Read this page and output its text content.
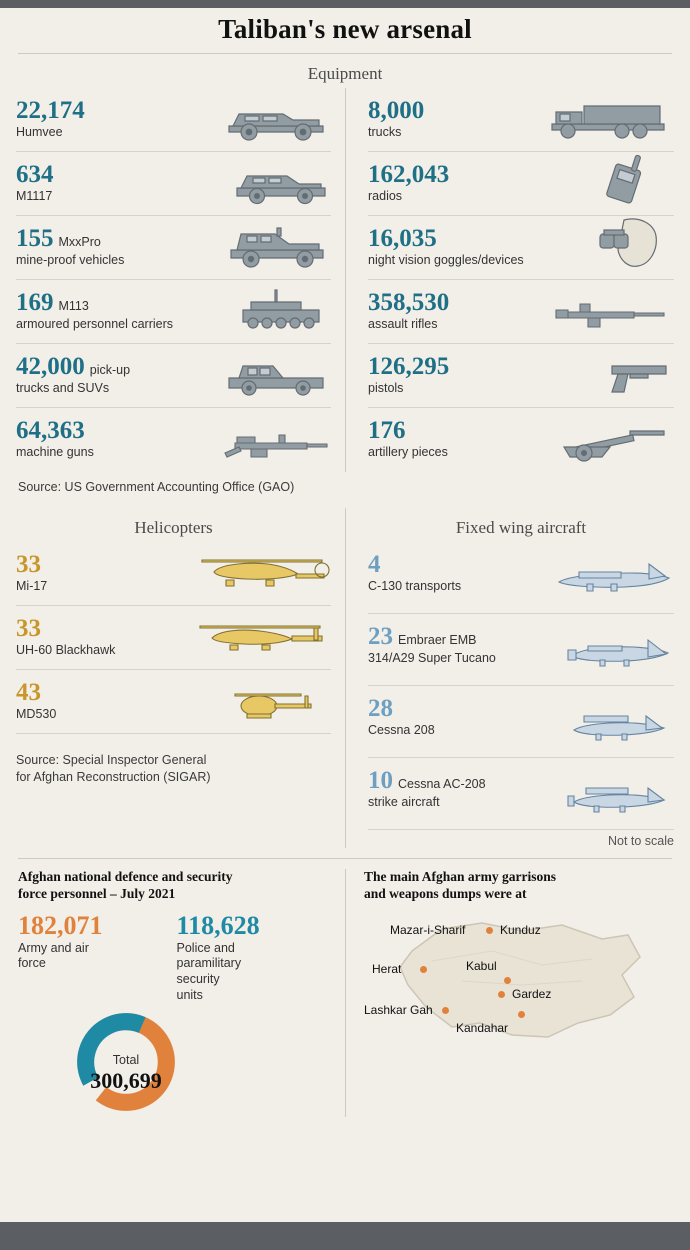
Taliban's new arsenal
Equipment
22,174
Humvee
634
M1117
155 MxxPro
mine-proof vehicles
169 M113
armoured personnel carriers
42,000 pick-up
trucks and SUVs
64,363
machine guns
8,000
trucks
162,043
radios
16,035
night vision goggles/devices
358,530
assault rifles
126,295
pistols
176
artillery pieces
Source: US Government Accounting Office (GAO)
Helicopters
33
Mi-17
33
UH-60 Blackhawk
43
MD530
Source: Special Inspector General
for Afghan Reconstruction (SIGAR)
Fixed wing aircraft
4
C-130 transports
23 Embraer EMB
314/A29 Super Tucano
28
Cessna 208
10 Cessna AC-208
strike aircraft
Not to scale
Afghan national defence and security
force personnel – July 2021
182,071
Army and air
force
118,628
Police and
paramilitary
security
units
Total
300,699
The main Afghan army garrisons
and weapons dumps were at
Mazar-i-Sharif	Kunduz
Herat	Kabul
Gardez
Lashkar Gah
Kandahar
